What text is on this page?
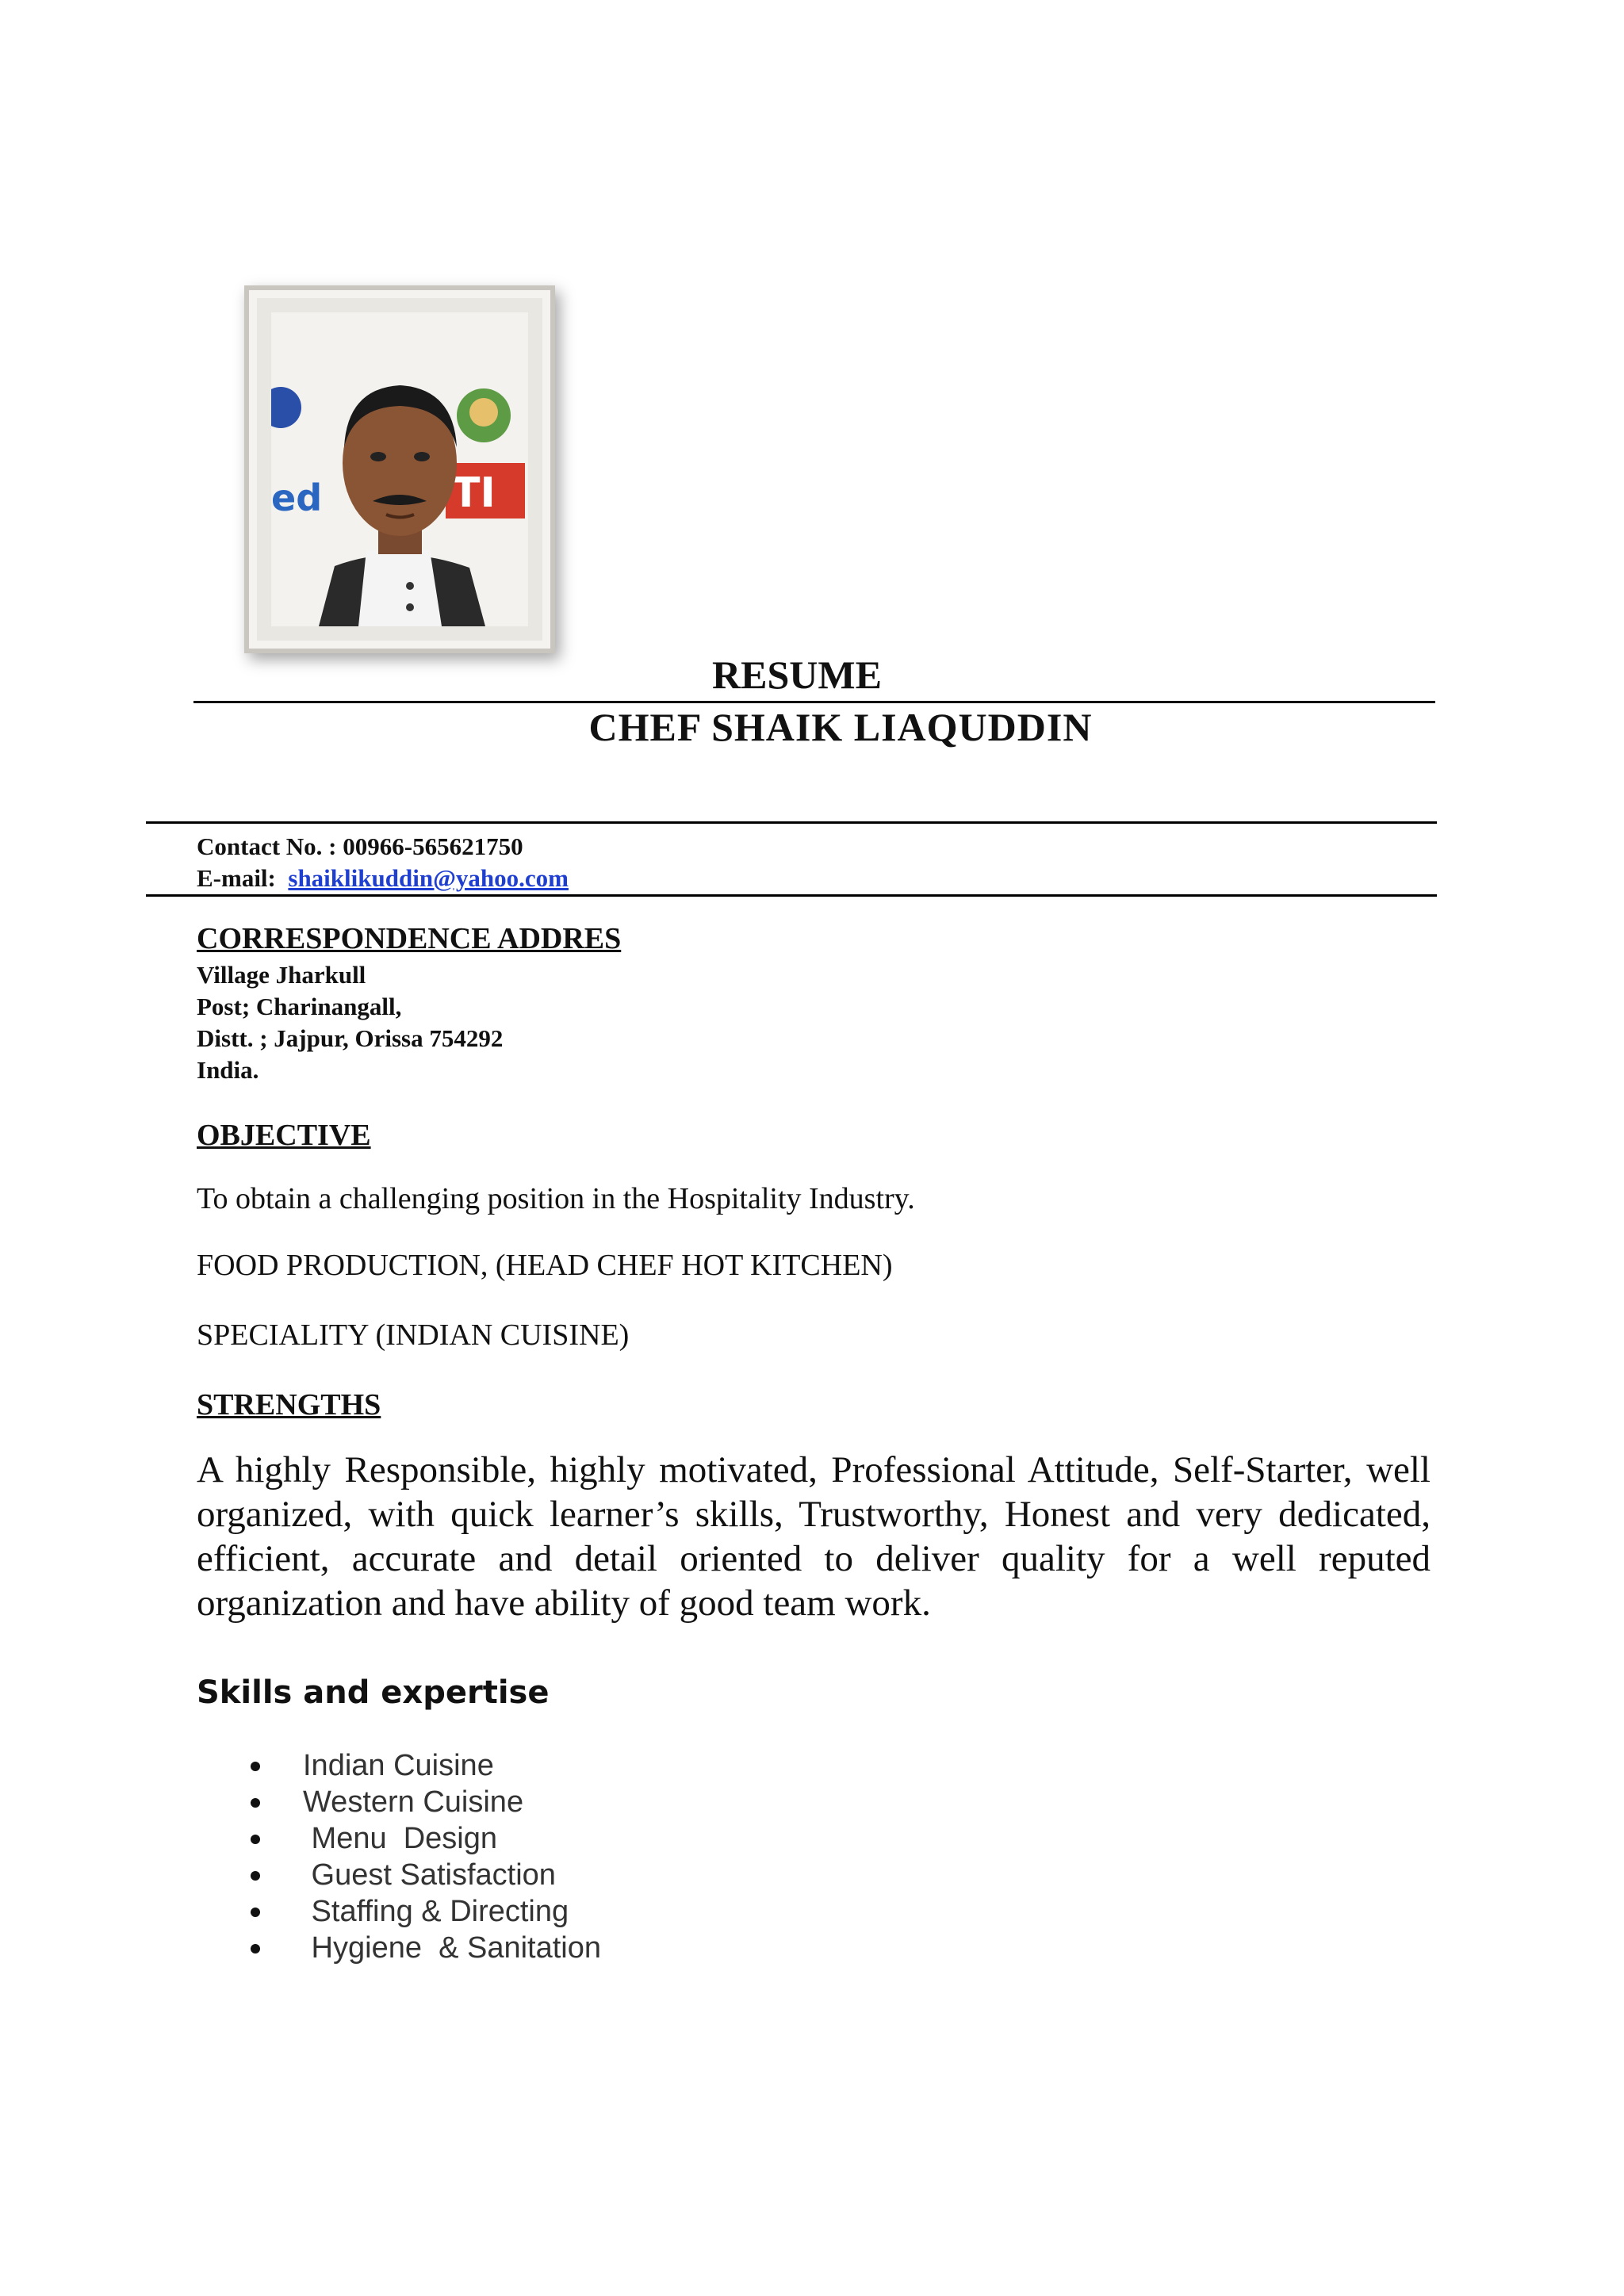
ed	TI
RESUME
CHEF SHAIK LIAQUDDIN
Contact No. : 00966-565621750
E-mail: shaiklikuddin@yahoo.com
CORRESPONDENCE ADDRES
Village Jharkull
Post; Charinangall,
Distt. ; Jajpur, Orissa 754292
India.
OBJECTIVE
To obtain a challenging position in the Hospitality Industry.
FOOD PRODUCTION, (HEAD CHEF HOT KITCHEN)
SPECIALITY (INDIAN CUISINE)
STRENGTHS
A highly Responsible, highly motivated, Professional Attitude, Self-Starter, well organized, with quick learner’s skills, Trustworthy, Honest and very dedicated, efficient, accurate and detail oriented to deliver quality for a well reputed organization and have ability of good team work.
Skills and expertise
Indian Cuisine
Western Cuisine
Menu  Design
Guest Satisfaction
Staffing & Directing
Hygiene  & Sanitation
